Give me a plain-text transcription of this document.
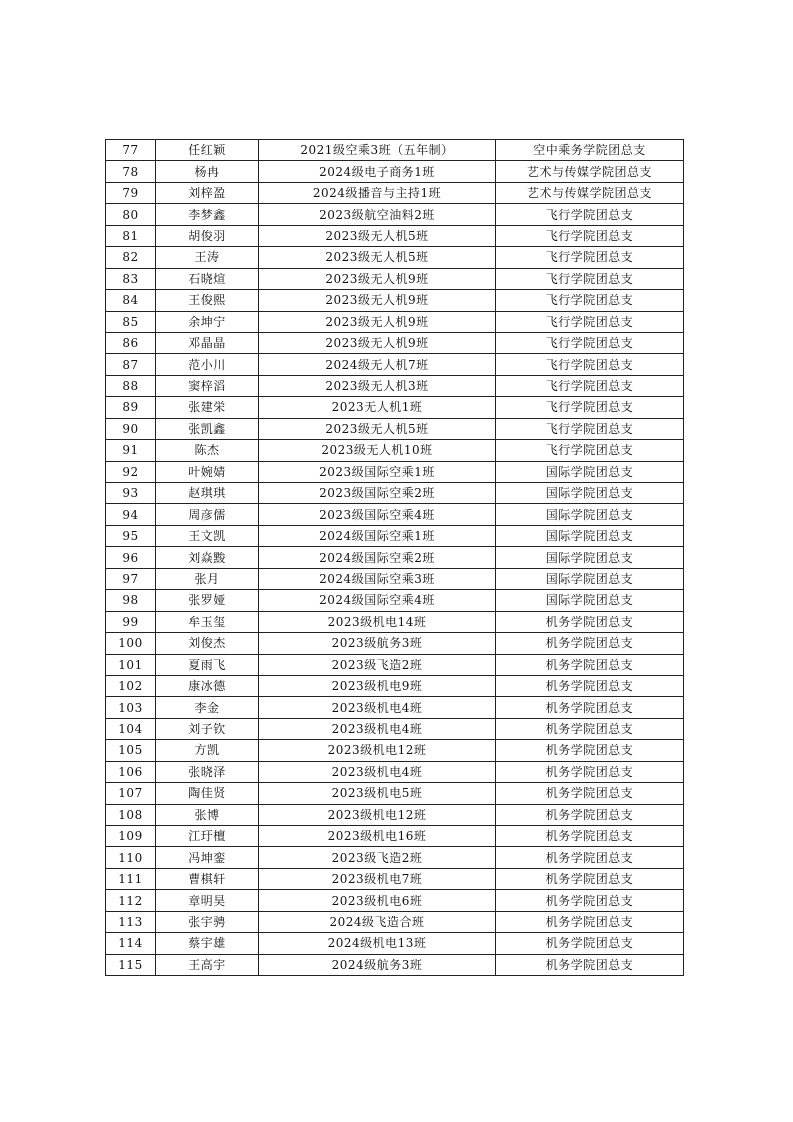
77	任红颖	2021级空乘3班（五年制）	空中乘务学院团总支
78	杨冉	2024级电子商务1班	艺术与传媒学院团总支
79	刘梓盈	2024级播音与主持1班	艺术与传媒学院团总支
80	李梦鑫	2023级航空油料2班	飞行学院团总支
81	胡俊羽	2023级无人机5班	飞行学院团总支
82	王涛	2023级无人机5班	飞行学院团总支
83	石晓煊	2023级无人机9班	飞行学院团总支
84	王俊熙	2023级无人机9班	飞行学院团总支
85	余坤宁	2023级无人机9班	飞行学院团总支
86	邓晶晶	2023级无人机9班	飞行学院团总支
87	范小川	2024级无人机7班	飞行学院团总支
88	窦梓滔	2023级无人机3班	飞行学院团总支
89	张建栄	2023无人机1班	飞行学院团总支
90	张凯鑫	2023级无人机5班	飞行学院团总支
91	陈杰	2023级无人机10班	飞行学院团总支
92	叶婉婧	2023级国际空乘1班	国际学院团总支
93	赵琪琪	2023级国际空乘2班	国际学院团总支
94	周彦儒	2023级国际空乘4班	国际学院团总支
95	王文凯	2024级国际空乘1班	国际学院团总支
96	刘焱黢	2024级国际空乘2班	国际学院团总支
97	张月	2024级国际空乘3班	国际学院团总支
98	张罗娅	2024级国际空乘4班	国际学院团总支
99	牟玉玺	2023级机电14班	机务学院团总支
100	刘俊杰	2023级航务3班	机务学院团总支
101	夏雨飞	2023级飞造2班	机务学院团总支
102	康冰德	2023级机电9班	机务学院团总支
103	李金	2023级机电4班	机务学院团总支
104	刘子钦	2023级机电4班	机务学院团总支
105	方凯	2023级机电12班	机务学院团总支
106	张晓泽	2023级机电4班	机务学院团总支
107	陶佳贤	2023级机电5班	机务学院团总支
108	张博	2023级机电12班	机务学院团总支
109	江玗檀	2023级机电16班	机务学院团总支
110	冯坤銮	2023级飞造2班	机务学院团总支
111	曹棋轩	2023级机电7班	机务学院团总支
112	章明昊	2023级机电6班	机务学院团总支
113	张宇骋	2024级飞造合班	机务学院团总支
114	蔡宇雄	2024级机电13班	机务学院团总支
115	王高宇	2024级航务3班	机务学院团总支
